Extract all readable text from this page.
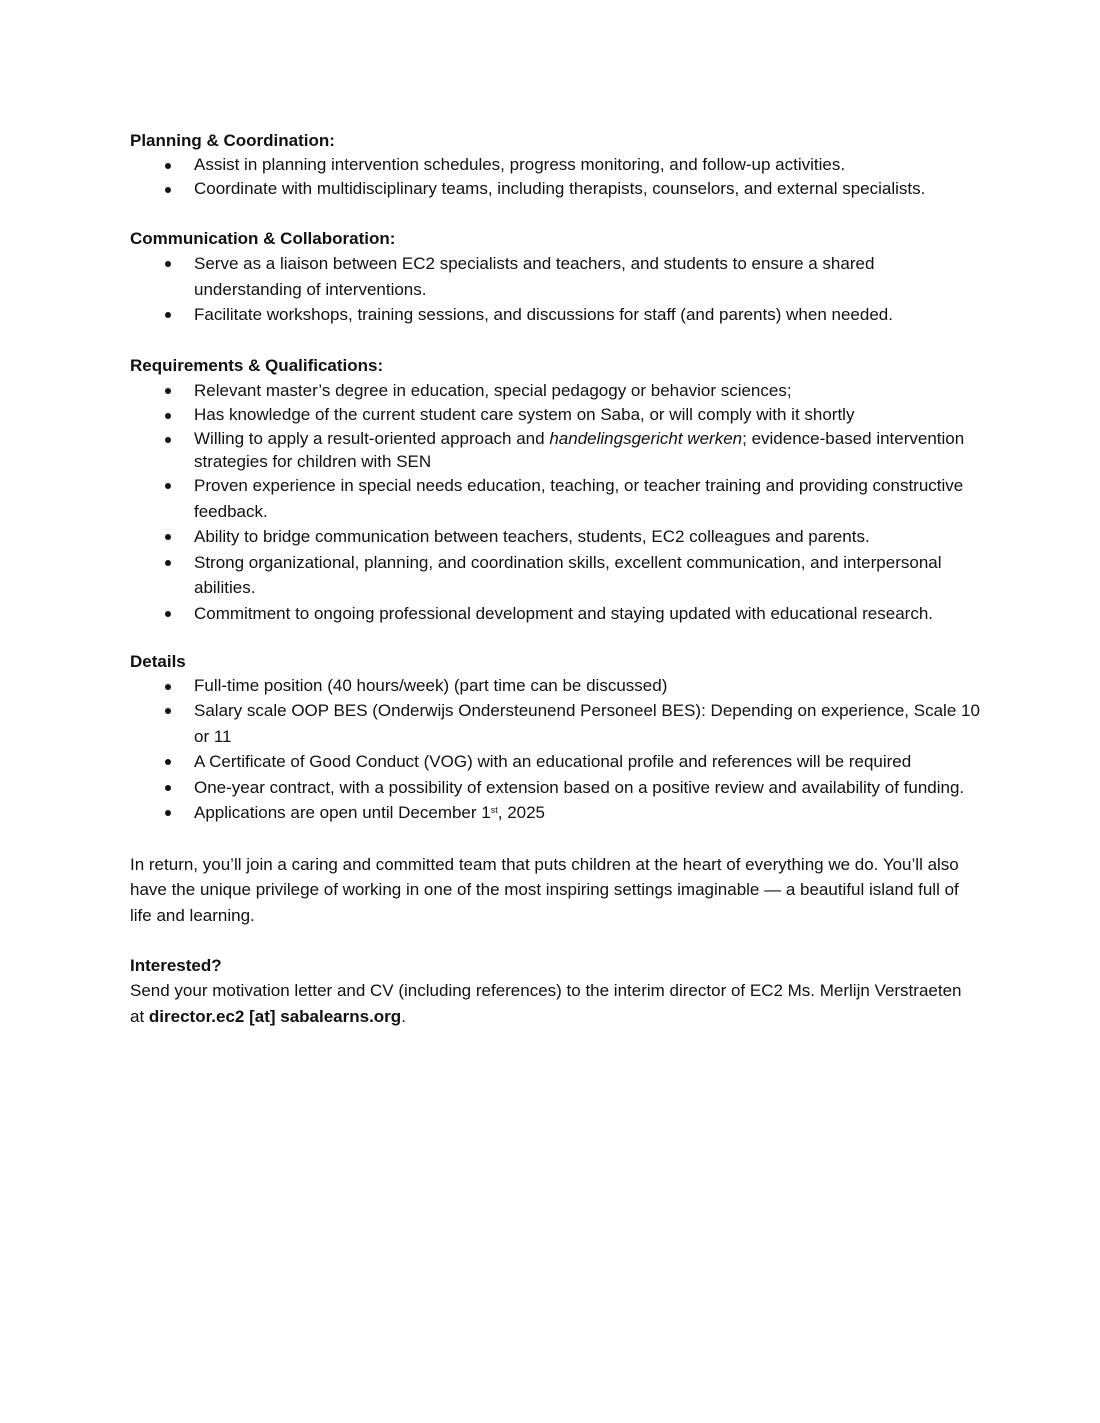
Planning & Coordination:

Assist in planning intervention schedules, progress monitoring, and follow-up activities.
Coordinate with multidisciplinary teams, including therapists, counselors, and external specialists.

Communication & Collaboration:

Serve as a liaison between EC2 specialists and teachers, and students to ensure a shared understanding of interventions.
Facilitate workshops, training sessions, and discussions for staff (and parents) when needed.

Requirements & Qualifications:

Relevant master’s degree in education, special pedagogy or behavior sciences;
Has knowledge of the current student care system on Saba, or will comply with it shortly
Willing to apply a result-oriented approach and handelingsgericht werken; evidence-based intervention strategies for children with SEN
Proven experience in special needs education, teaching, or teacher training and providing constructive feedback.
Ability to bridge communication between teachers, students, EC2 colleagues and parents.
Strong organizational, planning, and coordination skills, excellent communication, and interpersonal abilities.
Commitment to ongoing professional development and staying updated with educational research.

Details

Full-time position (40 hours/week) (part time can be discussed)
Salary scale OOP BES (Onderwijs Ondersteunend Personeel BES): Depending on experience, Scale 10 or 11
A Certificate of Good Conduct (VOG) with an educational profile and references will be required
One-year contract, with a possibility of extension based on a positive review and availability of funding.
Applications are open until December 1st, 2025

In return, you’ll join a caring and committed team that puts children at the heart of everything we do. You’ll also have the unique privilege of working in one of the most inspiring settings imaginable — a beautiful island full of life and learning.

Interested?

Send your motivation letter and CV (including references) to the interim director of EC2 Ms. Merlijn Verstraeten at director.ec2 [at] sabalearns.org.
